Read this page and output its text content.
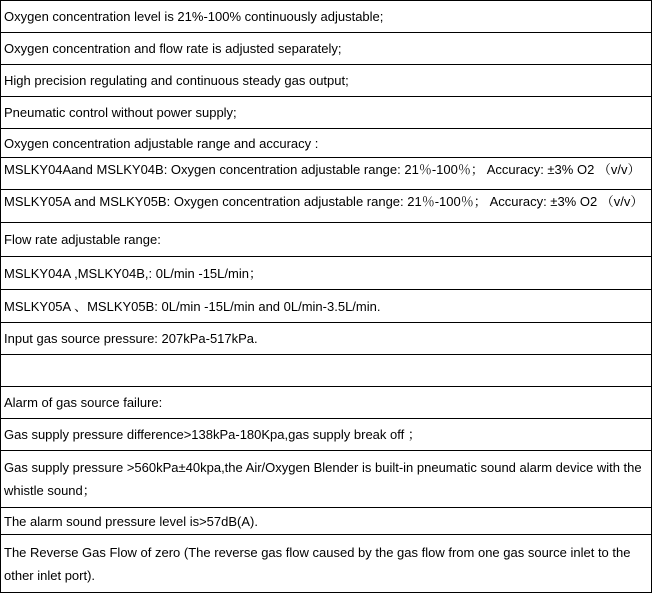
Oxygen concentration level is 21%-100% continuously adjustable;
Oxygen concentration and flow rate is adjusted separately;
High precision regulating and continuous steady gas output;
Pneumatic control without power supply;
Oxygen concentration adjustable range and accuracy :
MSLKY04Aand MSLKY04B: Oxygen concentration adjustable range: 21％-100％； Accuracy: ±3% O2 （v/v）
MSLKY05A and MSLKY05B: Oxygen concentration adjustable range: 21％-100％； Accuracy: ±3% O2 （v/v）
Flow rate adjustable range:
MSLKY04A ,MSLKY04B,: 0L/min -15L/min；
MSLKY05A 、MSLKY05B: 0L/min -15L/min and 0L/min-3.5L/min.
Input gas source pressure: 207kPa-517kPa.
Alarm of gas source failure:
Gas supply pressure difference>138kPa-180Kpa,gas supply break off ；
Gas supply pressure >560kPa±40kpa,the Air/Oxygen Blender is built-in pneumatic sound alarm device with the whistle sound；
The alarm sound pressure level is>57dB(A).
The Reverse Gas Flow of zero (The reverse gas flow caused by the gas flow from one gas source inlet to the other inlet port).
